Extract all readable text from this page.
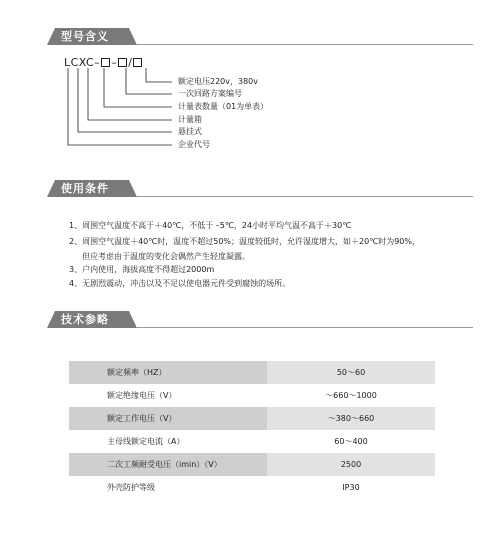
型号含义
LCXC– – /
额定电压220v，380v
一次回路方案编号
计量表数量（01为单表）
计量箱
悬挂式
企业代号
使用条件
1、周围空气温度不高于＋40℃，不低于 –5℃，24小时平均气温不高于＋30℃
2、周围空气温度＋40℃时，温度不超过50%；温度较低时，允许湿度增大，如＋20℃时为90%，
但应考虑由于温度的变化会偶然产生轻度凝露。
3、户内使用，海拔高度不得超过2000m
4、无剧烈震动，冲击以及不足以使电器元件受到腐蚀的场所。
技术参略
额定频率（HZ）	50～60
额定绝缘电压（V）	～660～1000
额定工作电压（V）	～380～660
主母线额定电流（A）	60～400
二次工频耐受电压（imin）（V）	2500
外壳防护等级	IP30
